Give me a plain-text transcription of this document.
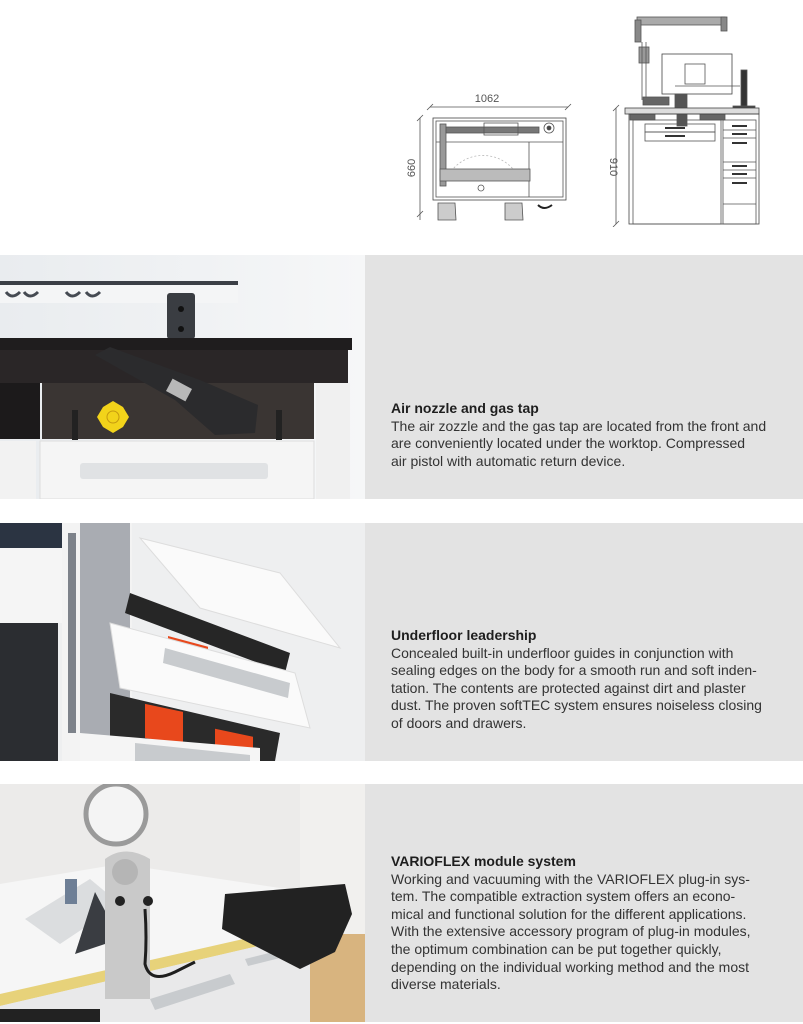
1062
660	910
Air nozzle and gas tap

The air zozzle and the gas tap are located from the front and

are conveniently located under the worktop. Compressed

air pistol with automatic return device.

Underfloor leadership

Concealed built-in underfloor guides in conjunction with

sealing edges on the body for a smooth run and soft inden-

tation. The contents are protected against dirt and plaster

dust. The proven softTEC system ensures noiseless closing

of doors and drawers.

VARIOFLEX module system

Working and vacuuming with the VARIOFLEX plug-in sys-

tem. The compatible extraction system offers an econo-

mical and functional solution for the different applications.

With the extensive accessory program of plug-in modules,

the optimum combination can be put together quickly,

depending on the individual working method and the most

diverse materials.
